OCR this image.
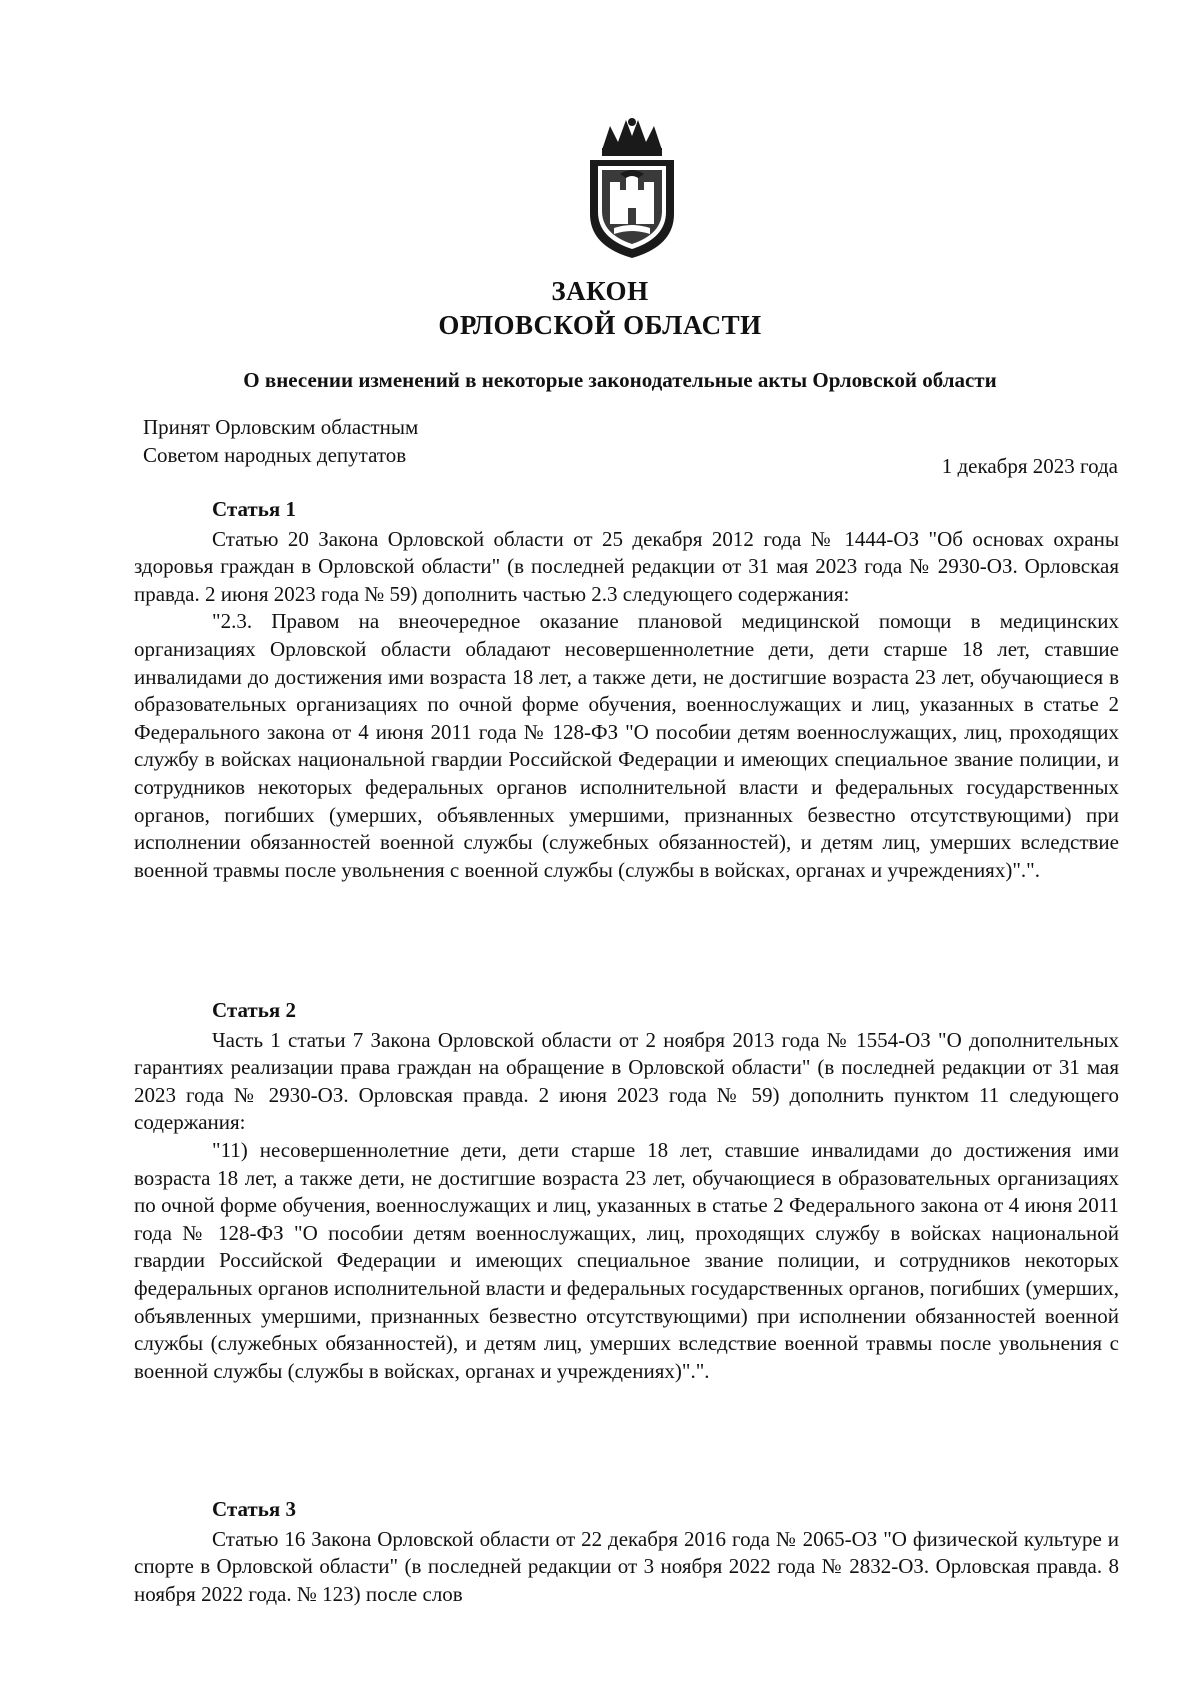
ЗАКОН
ОРЛОВСКОЙ ОБЛАСТИ
О внесении изменений в некоторые законодательные акты Орловской области
Принят Орловским областным
Советом народных депутатов	1 декабря 2023 года
Статья 1

Статью 20 Закона Орловской области от 25 декабря 2012 года № 1444-ОЗ "Об основах охраны здоровья граждан в Орловской области" (в последней редакции от 31 мая 2023 года № 2930-ОЗ. Орловская правда. 2 июня 2023 года № 59) дополнить частью 2.3 следующего содержания:

"2.3. Правом на внеочередное оказание плановой медицинской помощи в медицинских организациях Орловской области обладают несовершеннолетние дети, дети старше 18 лет, ставшие инвалидами до достижения ими возраста 18 лет, а также дети, не достигшие возраста 23 лет, обучающиеся в образовательных организациях по очной форме обучения, военнослужащих и лиц, указанных в статье 2 Федерального закона от 4 июня 2011 года № 128-ФЗ "О пособии детям военнослужащих, лиц, проходящих службу в войсках национальной гвардии Российской Федерации и имеющих специальное звание полиции, и сотрудников некоторых федеральных органов исполнительной власти и федеральных государственных органов, погибших (умерших, объявленных умершими, признанных безвестно отсутствующими) при исполнении обязанностей военной службы (служебных обязанностей), и детям лиц, умерших вследствие военной травмы после увольнения с военной службы (службы в войсках, органах и учреждениях)".".

Статья 2

Часть 1 статьи 7 Закона Орловской области от 2 ноября 2013 года № 1554-ОЗ "О дополнительных гарантиях реализации права граждан на обращение в Орловской области" (в последней редакции от 31 мая 2023 года № 2930-ОЗ. Орловская правда. 2 июня 2023 года № 59) дополнить пунктом 11 следующего содержания:

"11) несовершеннолетние дети, дети старше 18 лет, ставшие инвалидами до достижения ими возраста 18 лет, а также дети, не достигшие возраста 23 лет, обучающиеся в образовательных организациях по очной форме обучения, военнослужащих и лиц, указанных в статье 2 Федерального закона от 4 июня 2011 года № 128-ФЗ "О пособии детям военнослужащих, лиц, проходящих службу в войсках национальной гвардии Российской Федерации и имеющих специальное звание полиции, и сотрудников некоторых федеральных органов исполнительной власти и федеральных государственных органов, погибших (умерших, объявленных умершими, признанных безвестно отсутствующими) при исполнении обязанностей военной службы (служебных обязанностей), и детям лиц, умерших вследствие военной травмы после увольнения с военной службы (службы в войсках, органах и учреждениях)".".

Статья 3

Статью 16 Закона Орловской области от 22 декабря 2016 года № 2065-ОЗ "О физической культуре и спорте в Орловской области" (в последней редакции от 3 ноября 2022 года № 2832-ОЗ. Орловская правда. 8 ноября 2022 года. № 123) после слов
